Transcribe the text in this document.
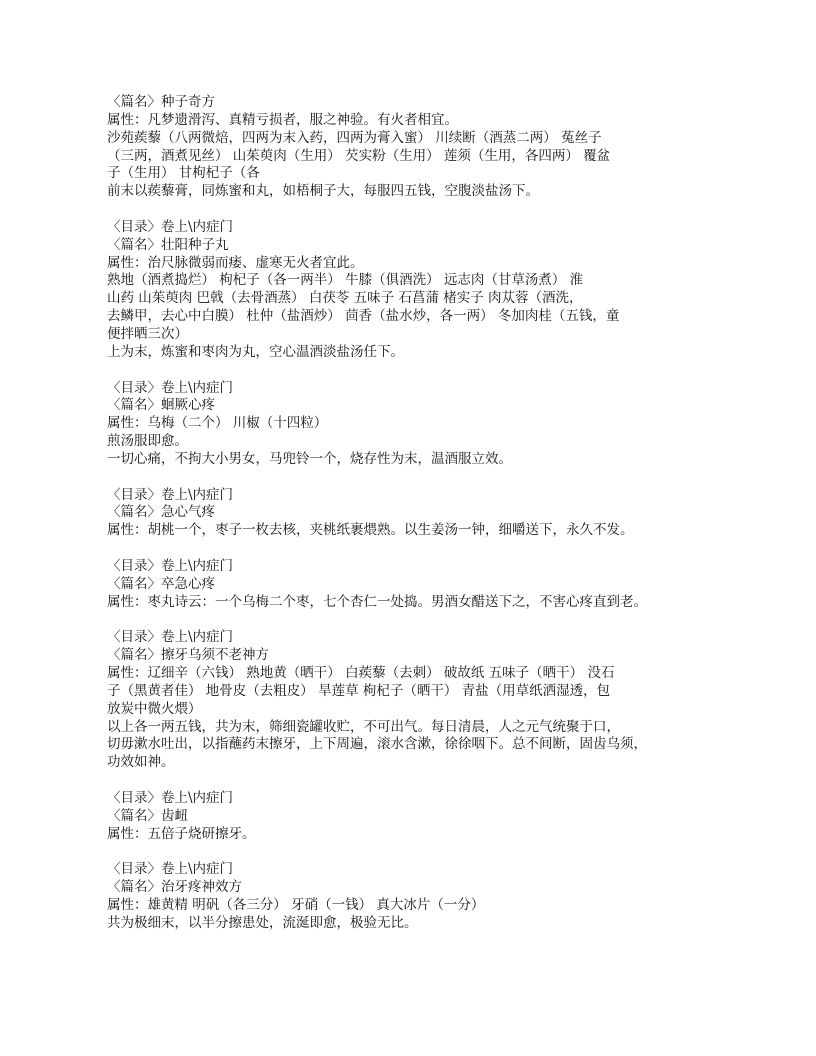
〈篇名〉种子奇方
属性：凡梦遗滑泻、真精亏损者，服之神验。有火者相宜。
沙苑蒺藜（八两微焙，四两为末入药，四两为膏入蜜） 川续断（酒蒸二两） 菟丝子
（三两，酒煮见丝） 山茱萸肉（生用） 芡实粉（生用） 莲须（生用，各四两） 覆盆
子（生用） 甘枸杞子（各
前末以蒺藜膏，同炼蜜和丸，如梧桐子大，每服四五钱，空腹淡盐汤下。
〈目录〉卷上\内症门
〈篇名〉壮阳种子丸
属性：治尺脉微弱而痿、虚寒无火者宜此。
熟地（酒煮捣烂） 枸杞子（各一两半） 牛膝（俱酒洗） 远志肉（甘草汤煮） 淮
山药 山茱萸肉 巴戟（去骨酒蒸） 白茯苓 五味子 石菖蒲 楮实子 肉苁蓉（酒洗，
去鳞甲，去心中白膜） 杜仲（盐酒炒） 茴香（盐水炒，各一两） 冬加肉桂（五钱，童
便拌晒三次）
上为末，炼蜜和枣肉为丸，空心温酒淡盐汤任下。
〈目录〉卷上\内症门
〈篇名〉蛔厥心疼
属性：乌梅（二个） 川椒（十四粒）
煎汤服即愈。
一切心痛，不拘大小男女，马兜铃一个，烧存性为末，温酒服立效。
〈目录〉卷上\内症门
〈篇名〉急心气疼
属性：胡桃一个，枣子一枚去核，夹桃纸裹煨熟。以生姜汤一钟，细嚼送下，永久不发。
〈目录〉卷上\内症门
〈篇名〉卒急心疼
属性：枣丸诗云：一个乌梅二个枣，七个杏仁一处捣。男酒女醋送下之，不害心疼直到老。
〈目录〉卷上\内症门
〈篇名〉擦牙乌须不老神方
属性：辽细辛（六钱） 熟地黄（晒干） 白蒺藜（去刺） 破故纸 五味子（晒干） 没石
子（黑黄者佳） 地骨皮（去粗皮） 旱莲草 枸杞子（晒干） 青盐（用草纸洒湿透，包
放炭中微火煨）
以上各一两五钱，共为末，筛细瓷罐收贮，不可出气。每日清晨，人之元气统聚于口，
切毋漱水吐出，以指蘸药末擦牙，上下周遍，滚水含漱，徐徐咽下。总不间断，固齿乌须，
功效如神。
〈目录〉卷上\内症门
〈篇名〉齿衄
属性：五倍子烧研擦牙。
〈目录〉卷上\内症门
〈篇名〉治牙疼神效方
属性：雄黄精 明矾（各三分） 牙硝（一钱） 真大冰片（一分）
共为极细末，以半分擦患处，流涎即愈，极验无比。
